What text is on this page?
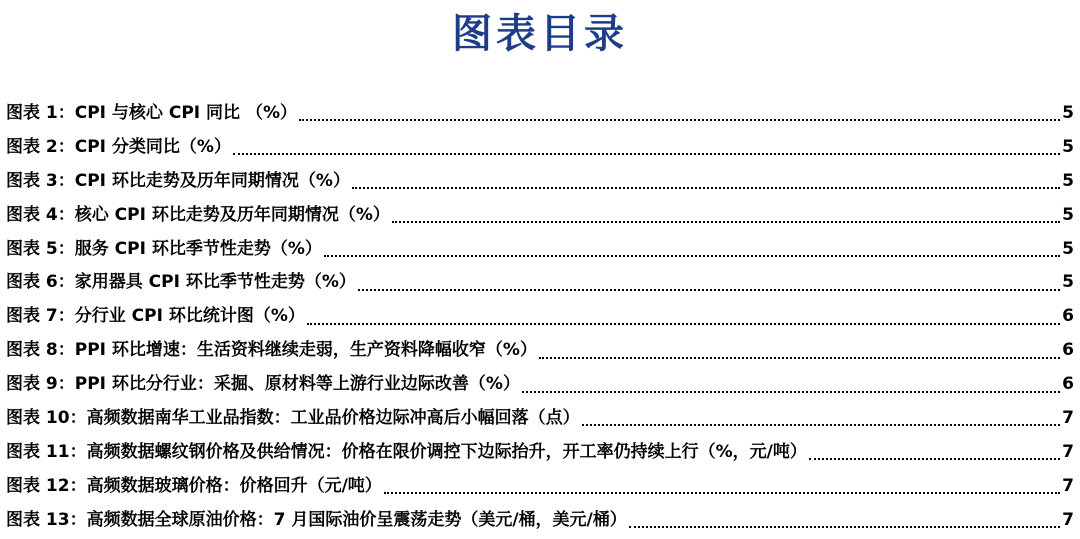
图表目录
图表 1：CPI 与核心 CPI 同比 （%）	5
图表 2：CPI 分类同比（%）	5
图表 3：CPI 环比走势及历年同期情况（%）	5
图表 4：核心 CPI 环比走势及历年同期情况（%）	5
图表 5：服务 CPI 环比季节性走势（%）	5
图表 6：家用器具 CPI 环比季节性走势（%）	5
图表 7：分行业 CPI 环比统计图（%）	6
图表 8：PPI 环比增速：生活资料继续走弱，生产资料降幅收窄（%）	6
图表 9：PPI 环比分行业：采掘、原材料等上游行业边际改善（%）	6
图表 10：高频数据南华工业品指数：工业品价格边际冲高后小幅回落（点）	7
图表 11：高频数据螺纹钢价格及供给情况：价格在限价调控下边际抬升，开工率仍持续上行（%，元/吨）	7
图表 12：高频数据玻璃价格：价格回升（元/吨）	7
图表 13：高频数据全球原油价格：7 月国际油价呈震荡走势（美元/桶，美元/桶）	7
